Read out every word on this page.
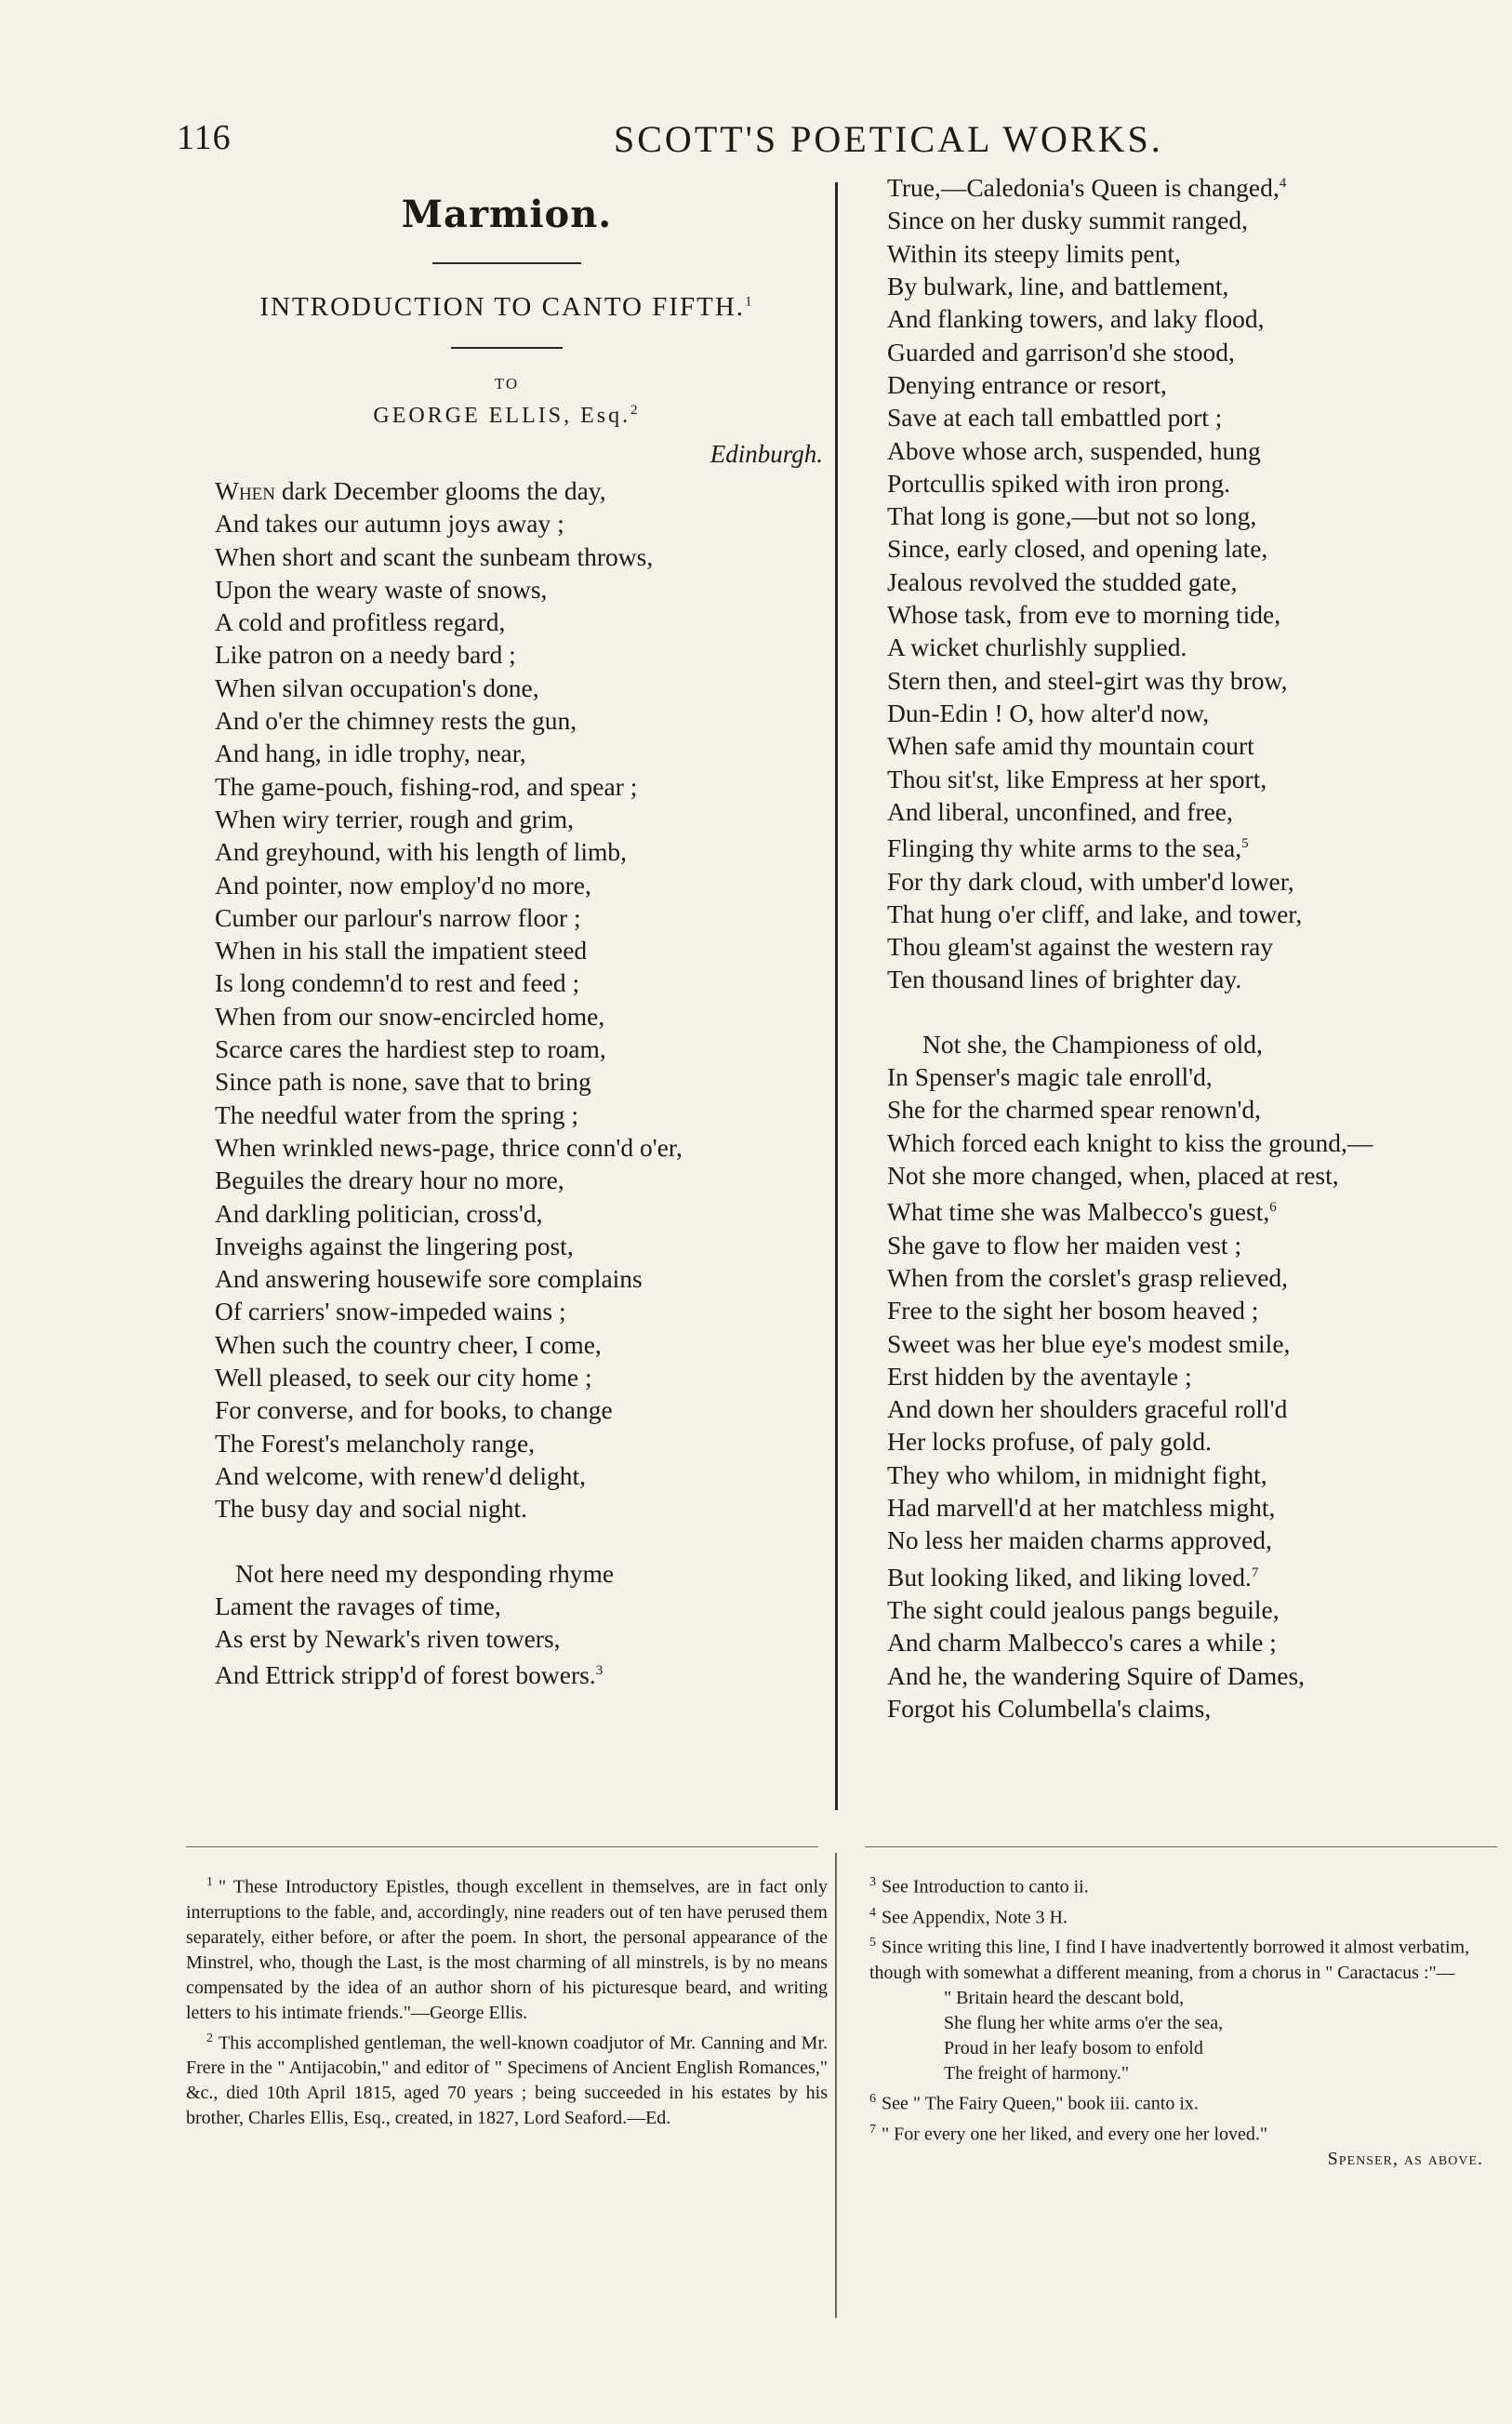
116	SCOTT'S POETICAL WORKS.
Marmion.
INTRODUCTION TO CANTO FIFTH.$^1$
TO
GEORGE ELLIS, Esq.$^2$
Edinburgh.
When dark December glooms the day,
And takes our autumn joys away ;
When short and scant the sunbeam throws,
Upon the weary waste of snows,
A cold and profitless regard,
Like patron on a needy bard ;
When silvan occupation's done,
And o'er the chimney rests the gun,
And hang, in idle trophy, near,
The game-pouch, fishing-rod, and spear ;
When wiry terrier, rough and grim,
And greyhound, with his length of limb,
And pointer, now employ'd no more,
Cumber our parlour's narrow floor ;
When in his stall the impatient steed
Is long condemn'd to rest and feed ;
When from our snow-encircled home,
Scarce cares the hardiest step to roam,
Since path is none, save that to bring
The needful water from the spring ;
When wrinkled news-page, thrice conn'd o'er,
Beguiles the dreary hour no more,
And darkling politician, cross'd,
Inveighs against the lingering post,
And answering housewife sore complains
Of carriers' snow-impeded wains ;
When such the country cheer, I come,
Well pleased, to seek our city home ;
For converse, and for books, to change
The Forest's melancholy range,
And welcome, with renew'd delight,
The busy day and social night.
Not here need my desponding rhyme
Lament the ravages of time,
As erst by Newark's riven towers,
And Ettrick stripp'd of forest bowers.$^3$
True,—Caledonia's Queen is changed,$^4$
Since on her dusky summit ranged,
Within its steepy limits pent,
By bulwark, line, and battlement,
And flanking towers, and laky flood,
Guarded and garrison'd she stood,
Denying entrance or resort,
Save at each tall embattled port ;
Above whose arch, suspended, hung
Portcullis spiked with iron prong.
That long is gone,—but not so long,
Since, early closed, and opening late,
Jealous revolved the studded gate,
Whose task, from eve to morning tide,
A wicket churlishly supplied.
Stern then, and steel-girt was thy brow,
Dun-Edin ! O, how alter'd now,
When safe amid thy mountain court
Thou sit'st, like Empress at her sport,
And liberal, unconfined, and free,
Flinging thy white arms to the sea,$^5$
For thy dark cloud, with umber'd lower,
That hung o'er cliff, and lake, and tower,
Thou gleam'st against the western ray
Ten thousand lines of brighter day.
Not she, the Championess of old,
In Spenser's magic tale enroll'd,
She for the charmed spear renown'd,
Which forced each knight to kiss the ground,—
Not she more changed, when, placed at rest,
What time she was Malbecco's guest,$^6$
She gave to flow her maiden vest ;
When from the corslet's grasp relieved,
Free to the sight her bosom heaved ;
Sweet was her blue eye's modest smile,
Erst hidden by the aventayle ;
And down her shoulders graceful roll'd
Her locks profuse, of paly gold.
They who whilom, in midnight fight,
Had marvell'd at her matchless might,
No less her maiden charms approved,
But looking liked, and liking loved.$^7$
The sight could jealous pangs beguile,
And charm Malbecco's cares a while ;
And he, the wandering Squire of Dames,
Forgot his Columbella's claims,
$^1$ " These Introductory Epistles, though excellent in themselves, are in fact only interruptions to the fable, and, accordingly, nine readers out of ten have perused them separately, either before, or after the poem. In short, the personal appearance of the Minstrel, who, though the Last, is the most charming of all minstrels, is by no means compensated by the idea of an author shorn of his picturesque beard, and writing letters to his intimate friends."—George Ellis.
$^2$ This accomplished gentleman, the well-known coadjutor of Mr. Canning and Mr. Frere in the " Antijacobin," and editor of " Specimens of Ancient English Romances," &c., died 10th April 1815, aged 70 years ; being succeeded in his estates by his brother, Charles Ellis, Esq., created, in 1827, Lord Seaford.—Ed.
$^3$ See Introduction to canto ii.
$^4$ See Appendix, Note 3 H.
$^5$ Since writing this line, I find I have inadvertently borrowed it almost verbatim, though with somewhat a different meaning, from a chorus in " Caractacus :"—
" Britain heard the descant bold,
She flung her white arms o'er the sea,
Proud in her leafy bosom to enfold
The freight of harmony."
$^6$ See " The Fairy Queen," book iii. canto ix.
$^7$ " For every one her liked, and every one her loved."
Spenser, as above.
